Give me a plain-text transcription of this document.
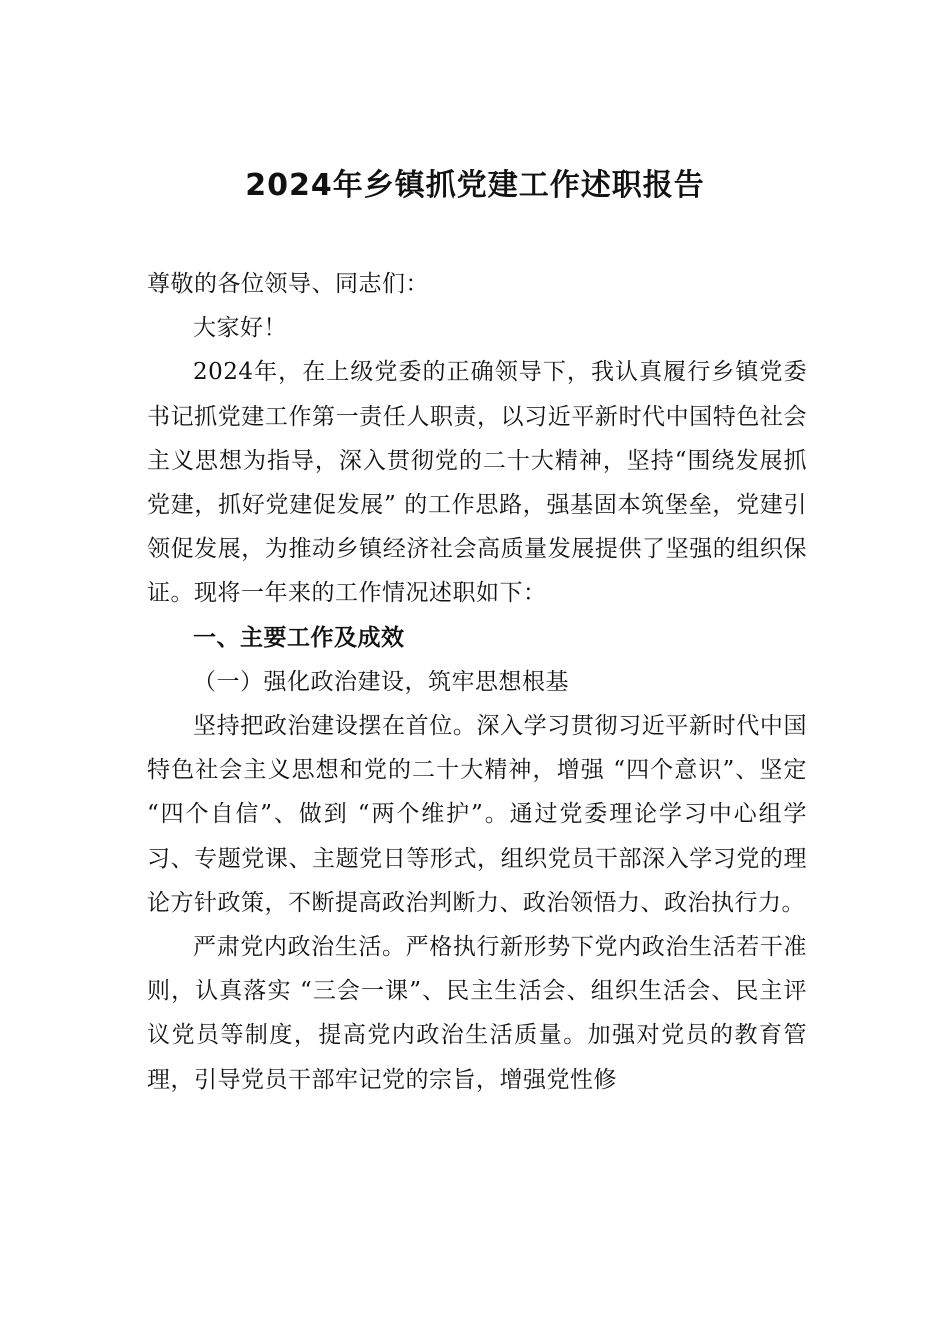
2024年乡镇抓党建工作述职报告

尊敬的各位领导、同志们：

大家好！

2024年，在上级党委的正确领导下，我认真履行乡镇党委书记抓党建工作第一责任人职责，以习近平新时代中国特色社会主义思想为指导，深入贯彻党的二十大精神，坚持“围绕发展抓党建，抓好党建促发展” 的工作思路，强基固本筑堡垒，党建引领促发展，为推动乡镇经济社会高质量发展提供了坚强的组织保证。现将一年来的工作情况述职如下：

一、主要工作及成效

（一）强化政治建设，筑牢思想根基

坚持把政治建设摆在首位。深入学习贯彻习近平新时代中国特色社会主义思想和党的二十大精神，增强 “四个意识”、坚定 “四个自信”、做到 “两个维护”。通过党委理论学习中心组学习、专题党课、主题党日等形式，组织党员干部深入学习党的理论方针政策，不断提高政治判断力、政治领悟力、政治执行力。

严肃党内政治生活。严格执行新形势下党内政治生活若干准则，认真落实 “三会一课”、民主生活会、组织生活会、民主评议党员等制度，提高党内政治生活质量。加强对党员的教育管理，引导党员干部牢记党的宗旨，增强党性修
